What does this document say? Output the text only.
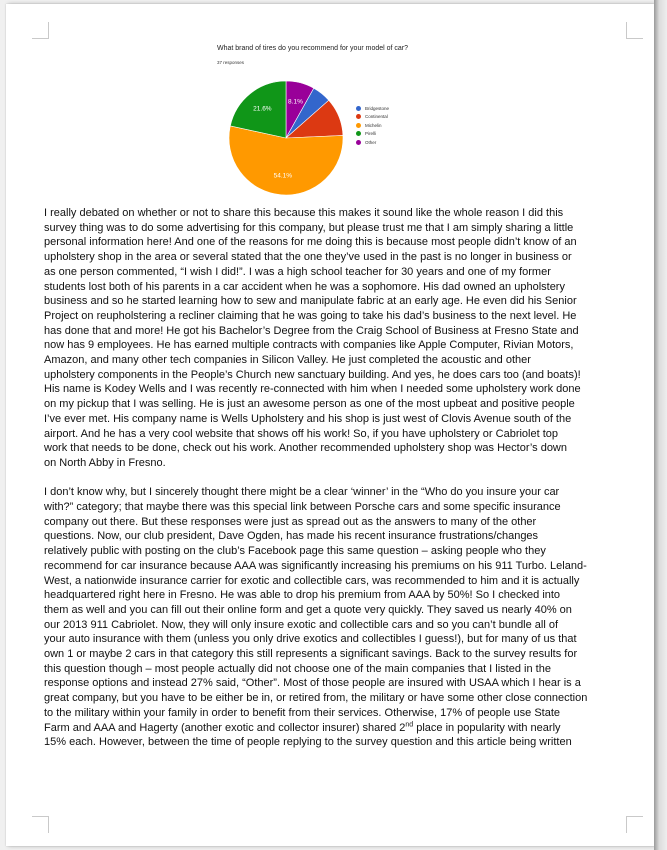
What brand of tires do you recommend for your model of car?
37 responses
8.1%
54.1%
21.6%	Bridgestone
Continental
Michelin
Pirelli
Other
I really debated on whether or not to share this because this makes it sound like the whole reason I did this
survey thing was to do some advertising for this company, but please trust me that I am simply sharing a little
personal information here! And one of the reasons for me doing this is because most people didn’t know of an
upholstery shop in the area or several stated that the one they’ve used in the past is no longer in business or
as one person commented, “I wish I did!”. I was a high school teacher for 30 years and one of my former
students lost both of his parents in a car accident when he was a sophomore. His dad owned an upholstery
business and so he started learning how to sew and manipulate fabric at an early age. He even did his Senior
Project on reupholstering a recliner claiming that he was going to take his dad’s business to the next level. He
has done that and more! He got his Bachelor’s Degree from the Craig School of Business at Fresno State and
now has 9 employees. He has earned multiple contracts with companies like Apple Computer, Rivian Motors,
Amazon, and many other tech companies in Silicon Valley. He just completed the acoustic and other
upholstery components in the People’s Church new sanctuary building. And yes, he does cars too (and boats)!
His name is Kodey Wells and I was recently re-connected with him when I needed some upholstery work done
on my pickup that I was selling. He is just an awesome person as one of the most upbeat and positive people
I’ve ever met. His company name is Wells Upholstery and his shop is just west of Clovis Avenue south of the
airport. And he has a very cool website that shows off his work! So, if you have upholstery or Cabriolet top
work that needs to be done, check out his work. Another recommended upholstery shop was Hector’s down
on North Abby in Fresno.
I don’t know why, but I sincerely thought there might be a clear ‘winner’ in the “Who do you insure your car
with?” category; that maybe there was this special link between Porsche cars and some specific insurance
company out there. But these responses were just as spread out as the answers to many of the other
questions. Now, our club president, Dave Ogden, has made his recent insurance frustrations/changes
relatively public with posting on the club’s Facebook page this same question – asking people who they
recommend for car insurance because AAA was significantly increasing his premiums on his 911 Turbo. Leland-
West, a nationwide insurance carrier for exotic and collectible cars, was recommended to him and it is actually
headquartered right here in Fresno. He was able to drop his premium from AAA by 50%! So I checked into
them as well and you can fill out their online form and get a quote very quickly. They saved us nearly 40% on
our 2013 911 Cabriolet. Now, they will only insure exotic and collectible cars and so you can’t bundle all of
your auto insurance with them (unless you only drive exotics and collectibles I guess!), but for many of us that
own 1 or maybe 2 cars in that category this still represents a significant savings. Back to the survey results for
this question though – most people actually did not choose one of the main companies that I listed in the
response options and instead 27% said, “Other”. Most of those people are insured with USAA which I hear is a
great company, but you have to be either be in, or retired from, the military or have some other close connection
to the military within your family in order to benefit from their services. Otherwise, 17% of people use State
Farm and AAA and Hagerty (another exotic and collector insurer) shared 2nd place in popularity with nearly
15% each. However, between the time of people replying to the survey question and this article being written
